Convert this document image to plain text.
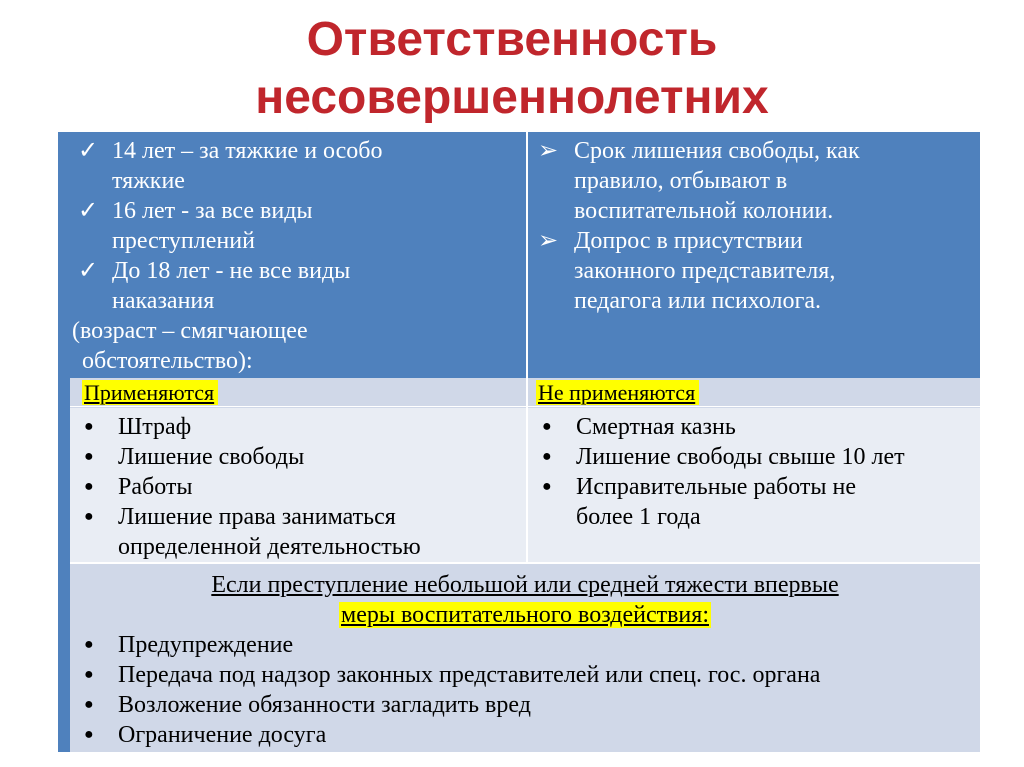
Ответственность
несовершеннолетних
✓ 14 лет – за тяжкие и особо
тяжкие
✓ 16 лет - за все виды
преступлений
✓ До 18 лет - не все виды
наказания
(возраст – смягчающее
обстоятельство):
➢ Срок лишения свободы, как
правило, отбывают в
воспитательной колонии.
➢ Допрос в присутствии
законного представителя,
педагога или психолога.
Применяются	Не применяются
● Штраф
● Лишение свободы
● Работы
● Лишение права заниматься
определенной деятельностью
● Смертная казнь
● Лишение свободы свыше 10 лет
● Исправительные работы не
более 1 года
Если преступление небольшой или средней тяжести впервые
меры воспитательного воздействия:
● Предупреждение
● Передача под надзор законных представителей или спец. гос. органа
● Возложение обязанности загладить вред
● Ограничение досуга
